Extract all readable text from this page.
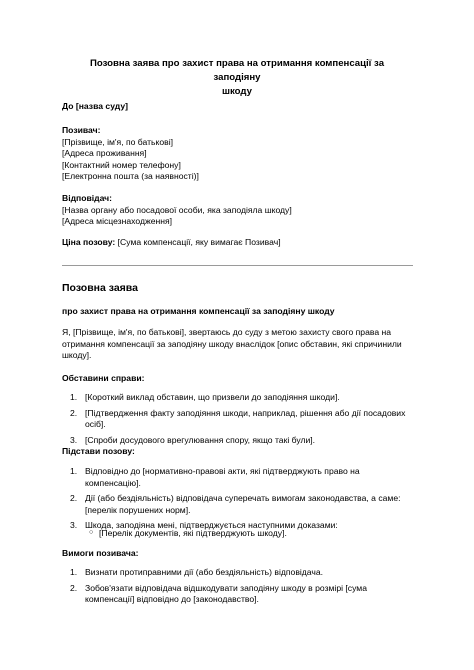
Позовна заява про захист права на отримання компенсації за заподіяну
шкоду
До [назва суду]
Позивач:
[Прізвище, ім'я, по батькові]
[Адреса проживання]
[Контактний номер телефону]
[Електронна пошта (за наявності)]
Відповідач:
[Назва органу або посадової особи, яка заподіяла шкоду]
[Адреса місцезнаходження]
Ціна позову: [Сума компенсації, яку вимагає Позивач]
Позовна заява
про захист права на отримання компенсації за заподіяну шкоду
Я, [Прізвище, ім'я, по батькові], звертаюсь до суду з метою захисту свого права на
отримання компенсації за заподіяну шкоду внаслідок [опис обставин, які спричинили
шкоду].
Обставини справи:
1. [Короткий виклад обставин, що призвели до заподіяння шкоди].
2. [Підтвердження факту заподіяння шкоди, наприклад, рішення або дії посадових
осіб].
3. [Спроби досудового врегулювання спору, якщо такі були].
Підстави позову:
1. Відповідно до [нормативно-правові акти, які підтверджують право на
компенсацію].
2. Дії (або бездіяльність) відповідача суперечать вимогам законодавства, а саме:
[перелік порушених норм].
3. Шкода, заподіяна мені, підтверджується наступними доказами:
○ [Перелік документів, які підтверджують шкоду].
Вимоги позивача:
1. Визнати протиправними дії (або бездіяльність) відповідача.
2. Зобов'язати відповідача відшкодувати заподіяну шкоду в розмірі [сума
компенсації] відповідно до [законодавство].
